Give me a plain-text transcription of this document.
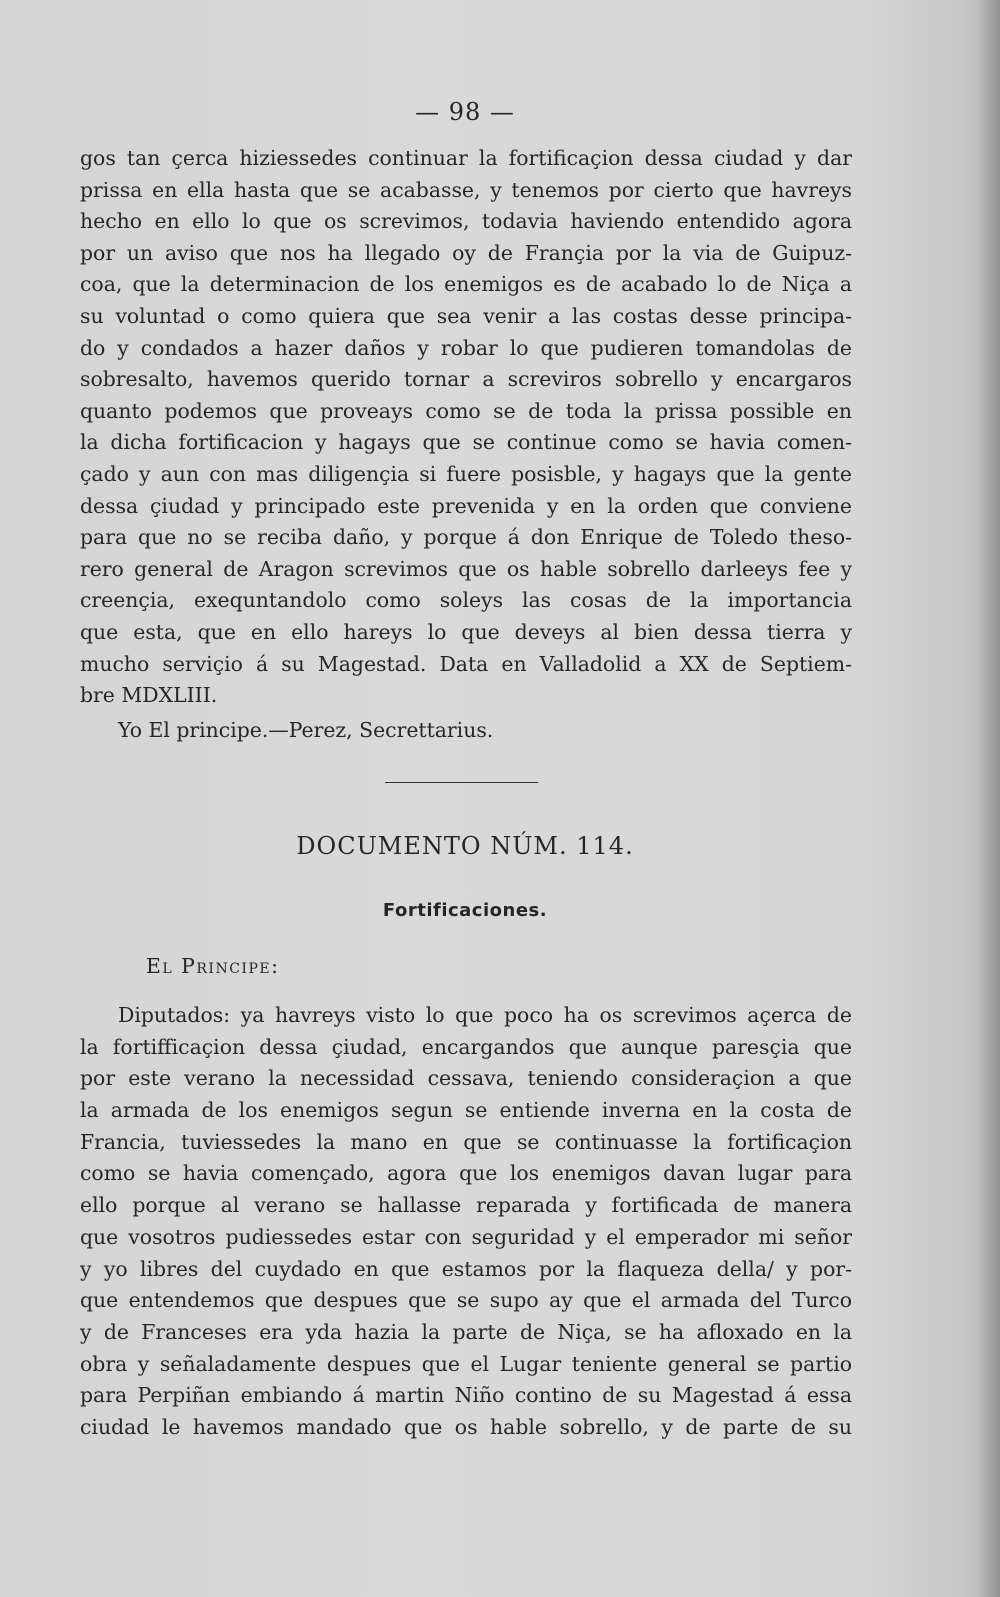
— 98 —
gos tan çerca hiziessedes continuar la fortificaçion dessa ciudad y dar
prissa en ella hasta que se acabasse, y tenemos por cierto que havreys
hecho en ello lo que os screvimos, todavia haviendo entendido agora
por un aviso que nos ha llegado oy de Françia por la via de Guipuz-
coa, que la determinacion de los enemigos es de acabado lo de Niça a
su voluntad o como quiera que sea venir a las costas desse principa-
do y condados a hazer daños y robar lo que pudieren tomandolas de
sobresalto, havemos querido tornar a screviros sobrello y encargaros
quanto podemos que proveays como se de toda la prissa possible en
la dicha fortificacion y hagays que se continue como se havia comen-
çado y aun con mas diligençia si fuere posisble, y hagays que la gente
dessa çiudad y principado este prevenida y en la orden que conviene
para que no se reciba daño, y porque á don Enrique de Toledo theso-
rero general de Aragon screvimos que os hable sobrello darleeys fee y
creençia, exequntandolo como soleys las cosas de la importancia
que esta, que en ello hareys lo que deveys al bien dessa tierra y
mucho serviçio á su Magestad. Data en Valladolid a XX de Septiem-
bre MDXLIII.
Yo El principe.—Perez, Secrettarius.
DOCUMENTO NÚM. 114.
Fortificaciones.
El Principe:
Diputados: ya havreys visto lo que poco ha os screvimos açerca de
la fortifficaçion dessa çiudad, encargandos que aunque paresçia que
por este verano la necessidad cessava, teniendo consideraçion a que
la armada de los enemigos segun se entiende inverna en la costa de
Francia, tuviessedes la mano en que se continuasse la fortificaçion
como se havia començado, agora que los enemigos davan lugar para
ello porque al verano se hallasse reparada y fortificada de manera
que vosotros pudiessedes estar con seguridad y el emperador mi señor
y yo libres del cuydado en que estamos por la flaqueza della/ y por-
que entendemos que despues que se supo ay que el armada del Turco
y de Franceses era yda hazia la parte de Niça, se ha afloxado en la
obra y señaladamente despues que el Lugar teniente general se partio
para Perpiñan embiando á martin Niño contino de su Magestad á essa
ciudad le havemos mandado que os hable sobrello, y de parte de su
